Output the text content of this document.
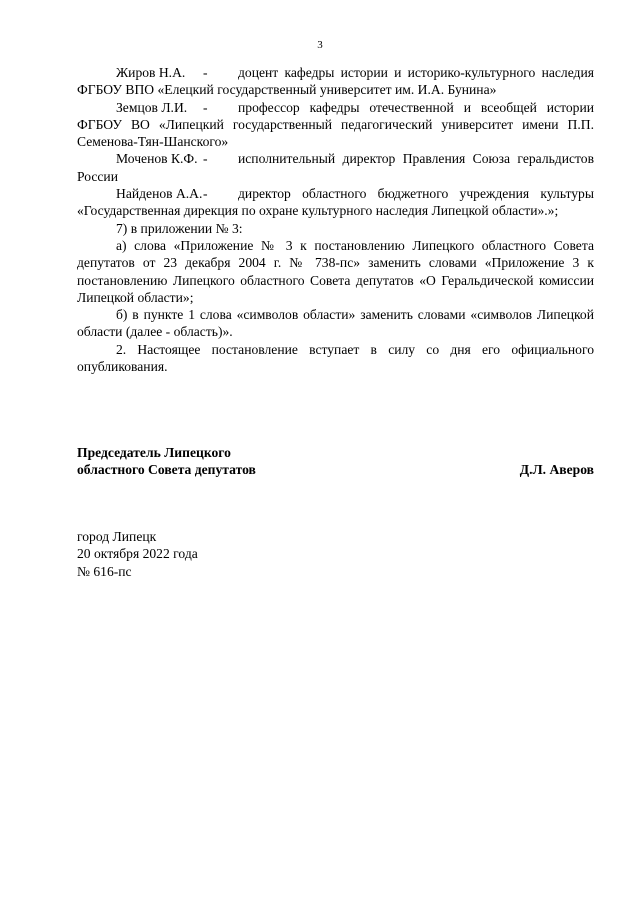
3

Жиров Н.А. - доцент кафедры истории и историко-культурного наследия ФГБОУ ВПО «Елецкий государственный университет им. И.А. Бунина»

Земцов Л.И. - профессор кафедры отечественной и всеобщей истории ФГБОУ ВО «Липецкий государственный педагогический университет имени П.П. Семенова-Тян-Шанского»

Моченов К.Ф. - исполнительный директор Правления Союза геральдистов России

Найденов А.А.- директор областного бюджетного учреждения культуры «Государственная дирекция по охране культурного наследия Липецкой области».»;

7) в приложении № 3:

а) слова «Приложение № 3 к постановлению Липецкого областного Совета депутатов от 23 декабря 2004 г. № 738-пс» заменить словами «Приложение 3 к постановлению Липецкого областного Совета депутатов «О Геральдической комиссии Липецкой области»;

б) в пункте 1 слова «символов области» заменить словами «символов Липецкой области (далее - область)».

2. Настоящее постановление вступает в силу со дня его официального опубликования.

Председатель Липецкого
областного Совета депутатов	Д.Л. Аверов
город Липецк
20 октября 2022 года
№ 616-пс
